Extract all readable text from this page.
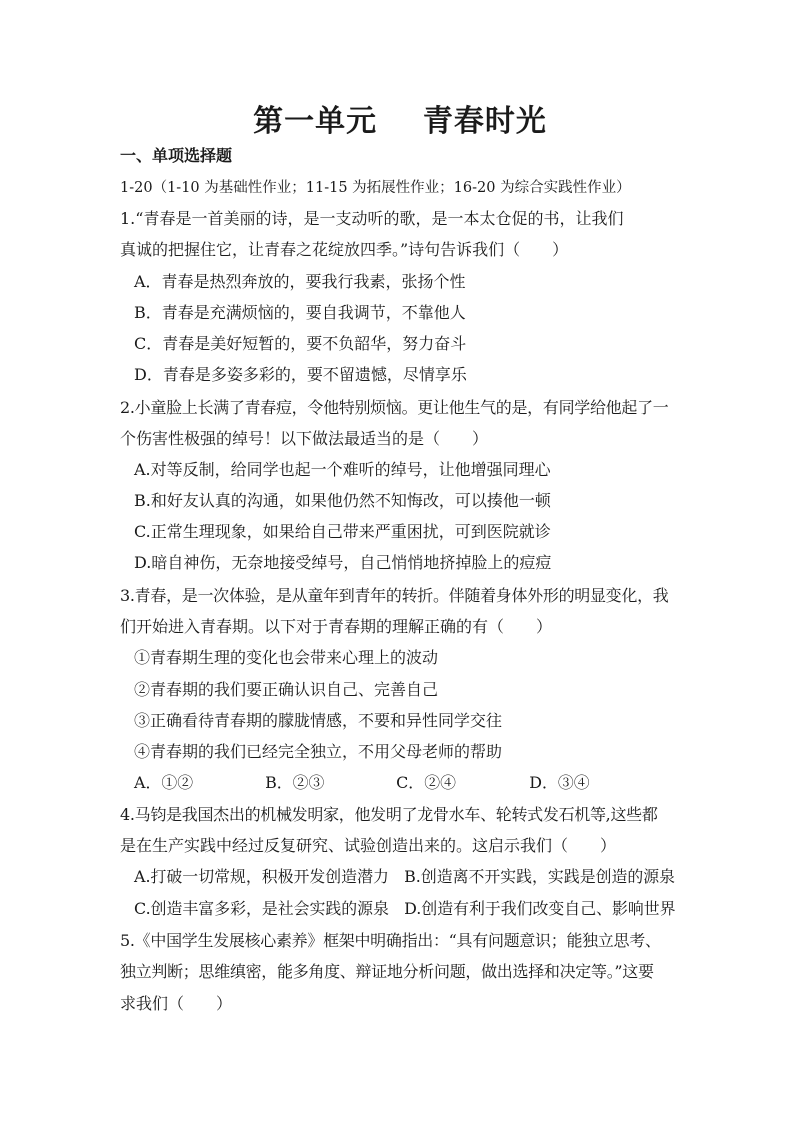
第一单元    青春时光
一、单项选择题
1-20（1-10 为基础性作业；11-15 为拓展性作业；16-20 为综合实践性作业）
1.“青春是一首美丽的诗，是一支动听的歌，是一本太仓促的书，让我们
真诚的把握住它，让青春之花绽放四季。”诗句告诉我们（　　）
A．青春是热烈奔放的，要我行我素，张扬个性
B．青春是充满烦恼的，要自我调节，不靠他人
C．青春是美好短暂的，要不负韶华，努力奋斗
D．青春是多姿多彩的，要不留遗憾，尽情享乐
2.小童脸上长满了青春痘，令他特别烦恼。更让他生气的是，有同学给他起了一
个伤害性极强的绰号！以下做法最适当的是（　　）
A.对等反制，给同学也起一个难听的绰号，让他增强同理心
B.和好友认真的沟通，如果他仍然不知悔改，可以揍他一顿
C.正常生理现象，如果给自己带来严重困扰，可到医院就诊
D.暗自神伤，无奈地接受绰号，自己悄悄地挤掉脸上的痘痘
3.青春，是一次体验，是从童年到青年的转折。伴随着身体外形的明显变化，我
们开始进入青春期。以下对于青春期的理解正确的有（　　）
①青春期生理的变化也会带来心理上的波动
②青春期的我们要正确认识自己、完善自己
③正确看待青春期的朦胧情感，不要和异性同学交往
④青春期的我们已经完全独立，不用父母老师的帮助
A．①②	B．②③	C．②④	D．③④
4.马钧是我国杰出的机械发明家，他发明了龙骨水车、轮转式发石机等,这些都
是在生产实践中经过反复研究、试验创造出来的。这启示我们（　　）
A.打破一切常规，积极开发创造潜力 B.创造离不开实践，实践是创造的源泉
C.创造丰富多彩，是社会实践的源泉 D.创造有利于我们改变自己、影响世界
5.《中国学生发展核心素养》框架中明确指出：“具有问题意识；能独立思考、
独立判断；思维缜密，能多角度、辩证地分析问题，做出选择和决定等。”这要
求我们（　　）
